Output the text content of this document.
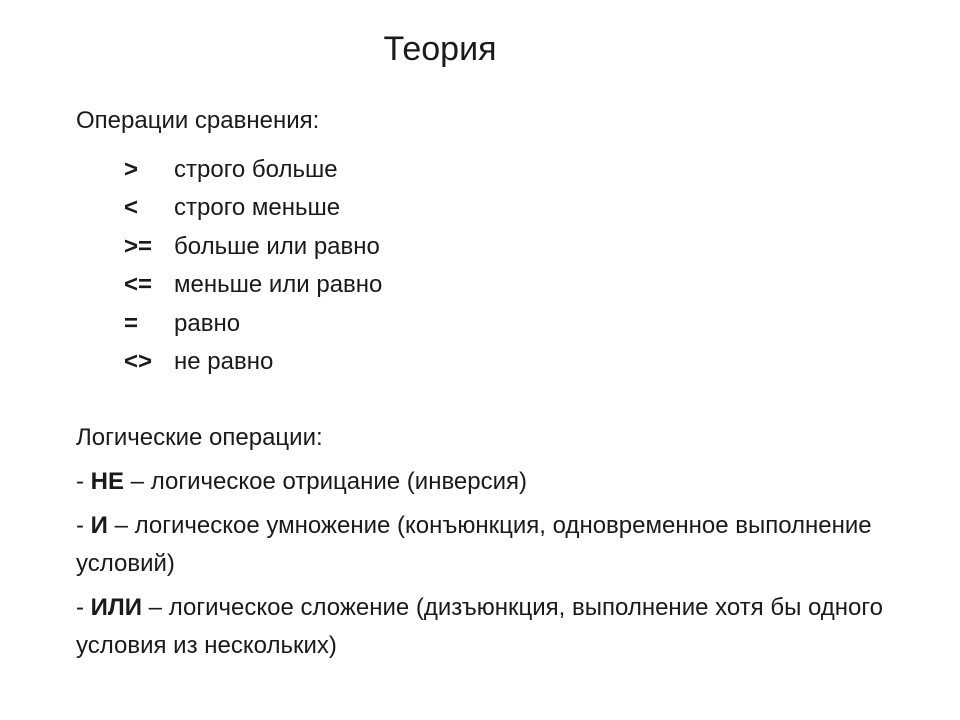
Теория
Операции сравнения:
>	строго больше
<	строго меньше
>= больше или равно
<= меньше или равно
=	равно
<> не равно
Логические операции:
- НЕ – логическое отрицание (инверсия)
- И – логическое умножение (конъюнкция, одновременное выполнение условий)
- ИЛИ – логическое сложение (дизъюнкция, выполнение хотя бы одного условия из нескольких)
